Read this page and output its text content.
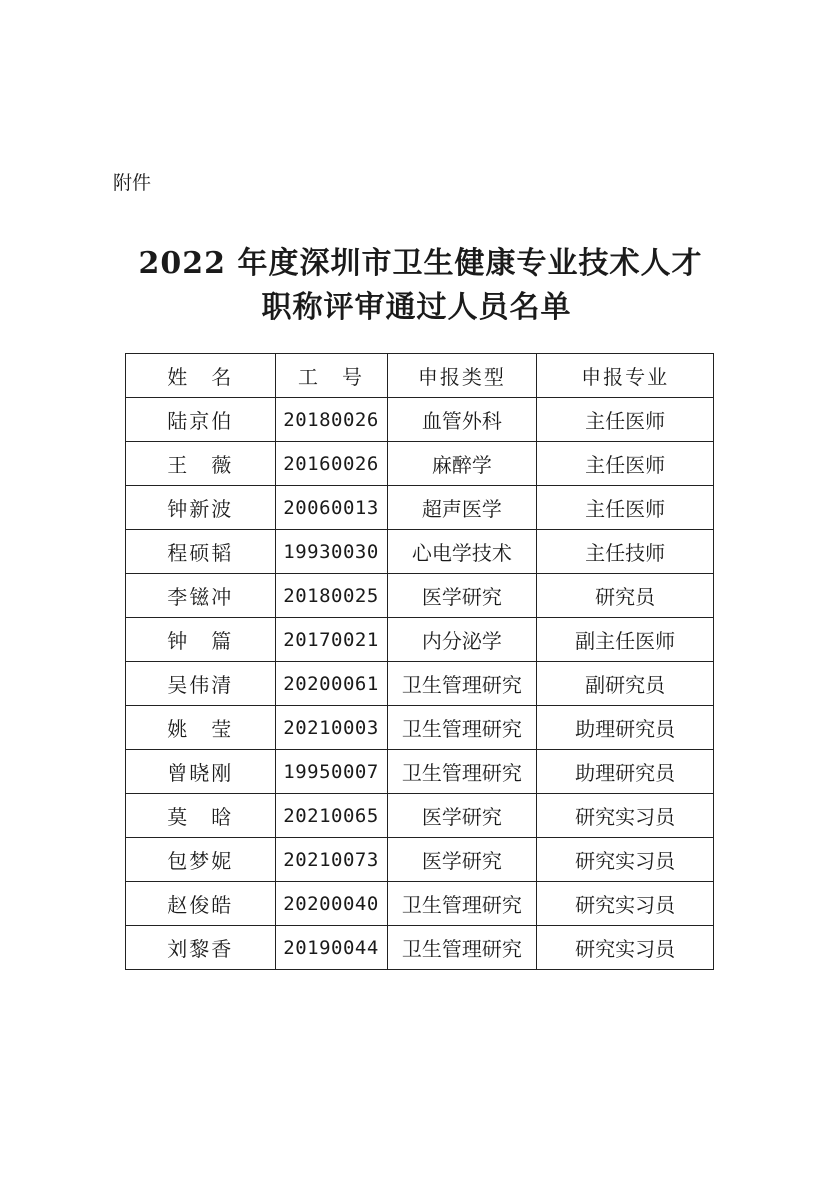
附件
2022 年度深圳市卫生健康专业技术人才
职称评审通过人员名单
姓　名	工　号	申报类型	申报专业
陆京伯	20180026	血管外科	主任医师
王　薇	20160026	麻醉学	主任医师
钟新波	20060013	超声医学	主任医师
程硕韬	19930030	心电学技术	主任技师
李镃冲	20180025	医学研究	研究员
钟　篇	20170021	内分泌学	副主任医师
吴伟清	20200061	卫生管理研究	副研究员
姚　莹	20210003	卫生管理研究	助理研究员
曾晓刚	19950007	卫生管理研究	助理研究员
莫　晗	20210065	医学研究	研究实习员
包梦妮	20210073	医学研究	研究实习员
赵俊皓	20200040	卫生管理研究	研究实习员
刘黎香	20190044	卫生管理研究	研究实习员
